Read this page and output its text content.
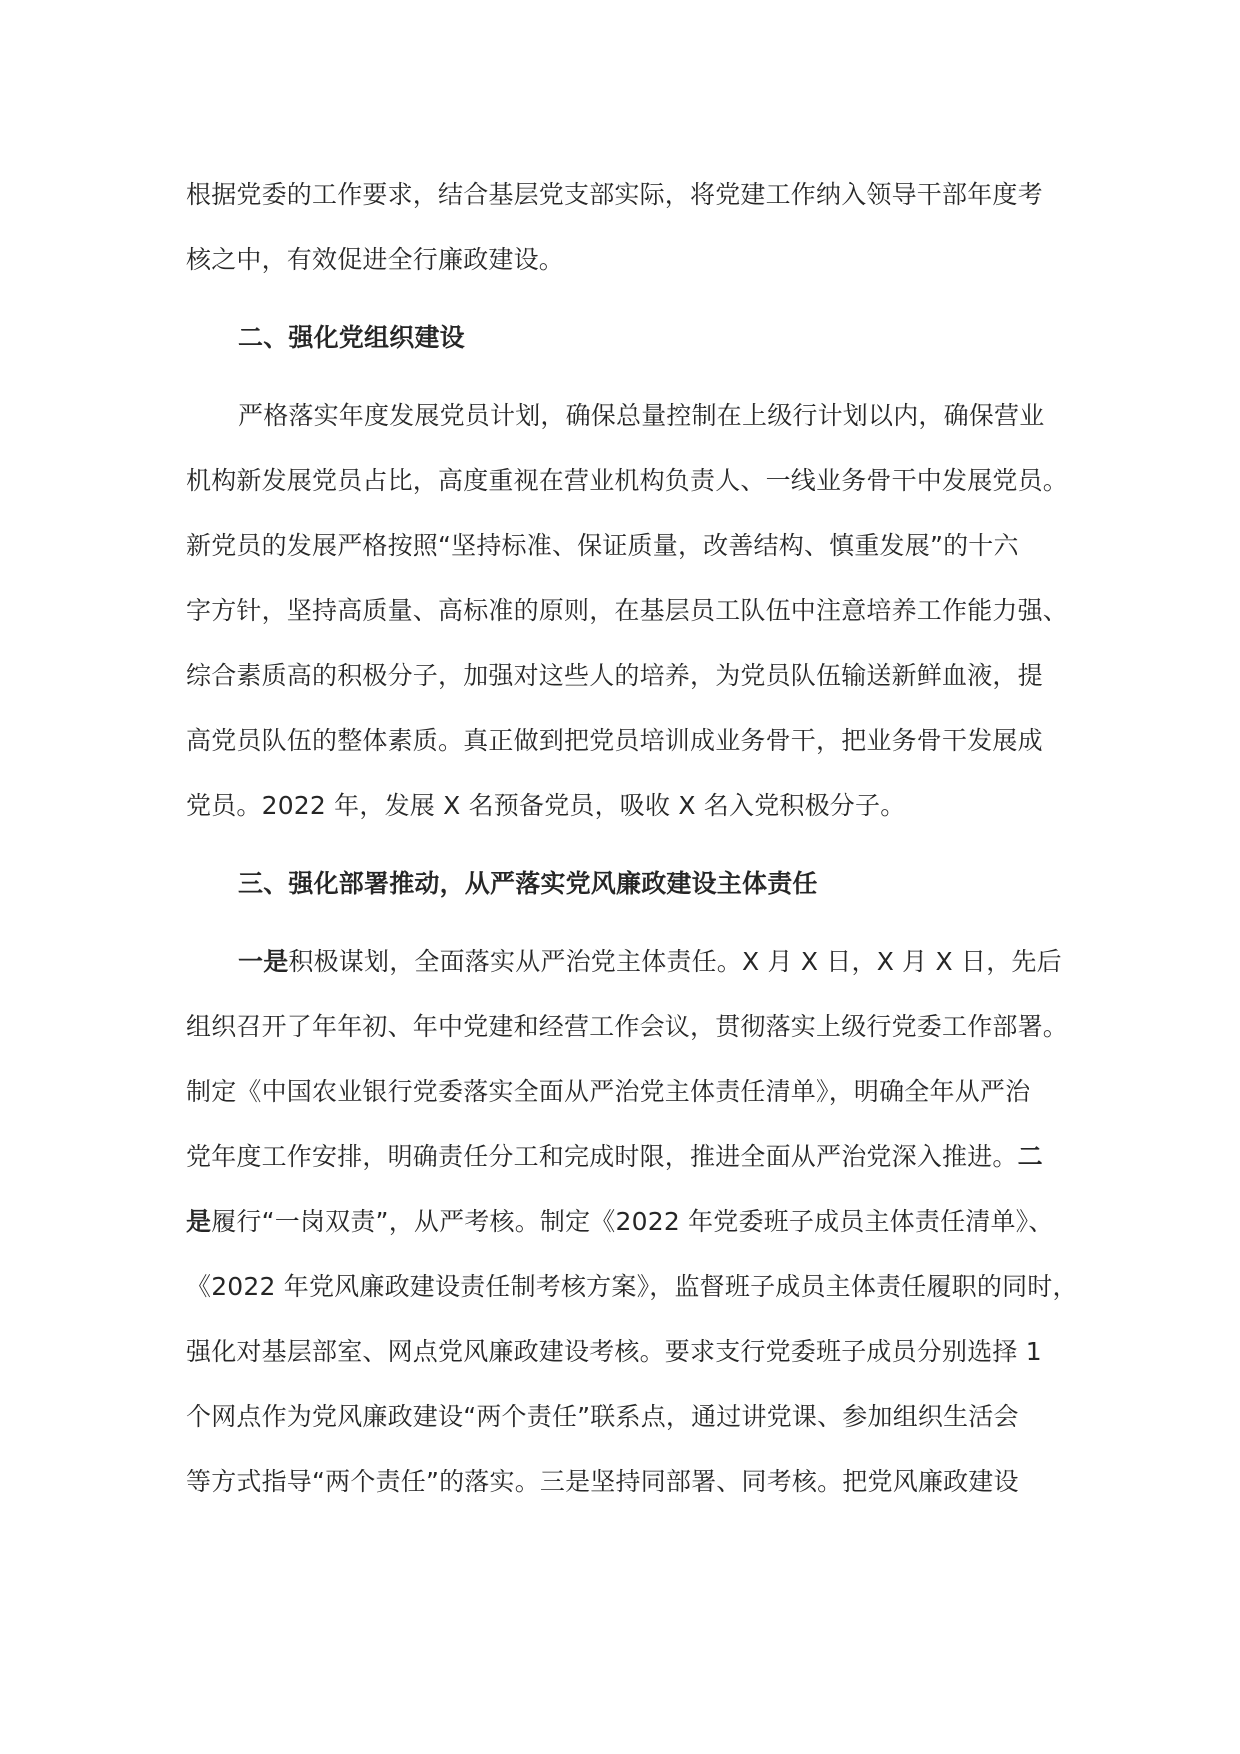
根据党委的工作要求，结合基层党支部实际，将党建工作纳入领导干部年度考
核之中，有效促进全行廉政建设。
二、强化党组织建设
严格落实年度发展党员计划，确保总量控制在上级行计划以内，确保营业
机构新发展党员占比，高度重视在营业机构负责人、一线业务骨干中发展党员。
新党员的发展严格按照“坚持标准、保证质量，改善结构、慎重发展”的十六
字方针，坚持高质量、高标准的原则，在基层员工队伍中注意培养工作能力强、
综合素质高的积极分子，加强对这些人的培养，为党员队伍输送新鲜血液，提
高党员队伍的整体素质。真正做到把党员培训成业务骨干，把业务骨干发展成
党员。2022 年，发展 X 名预备党员，吸收 X 名入党积极分子。
三、强化部署推动，从严落实党风廉政建设主体责任
一是积极谋划，全面落实从严治党主体责任。X 月 X 日，X 月 X 日，先后
组织召开了年年初、年中党建和经营工作会议，贯彻落实上级行党委工作部署。
制定《中国农业银行党委落实全面从严治党主体责任清单》，明确全年从严治
党年度工作安排，明确责任分工和完成时限，推进全面从严治党深入推进。二
是履行“一岗双责”，从严考核。制定《2022 年党委班子成员主体责任清单》、
《2022 年党风廉政建设责任制考核方案》，监督班子成员主体责任履职的同时，
强化对基层部室、网点党风廉政建设考核。要求支行党委班子成员分别选择 1
个网点作为党风廉政建设“两个责任”联系点，通过讲党课、参加组织生活会
等方式指导“两个责任”的落实。三是坚持同部署、同考核。把党风廉政建设
